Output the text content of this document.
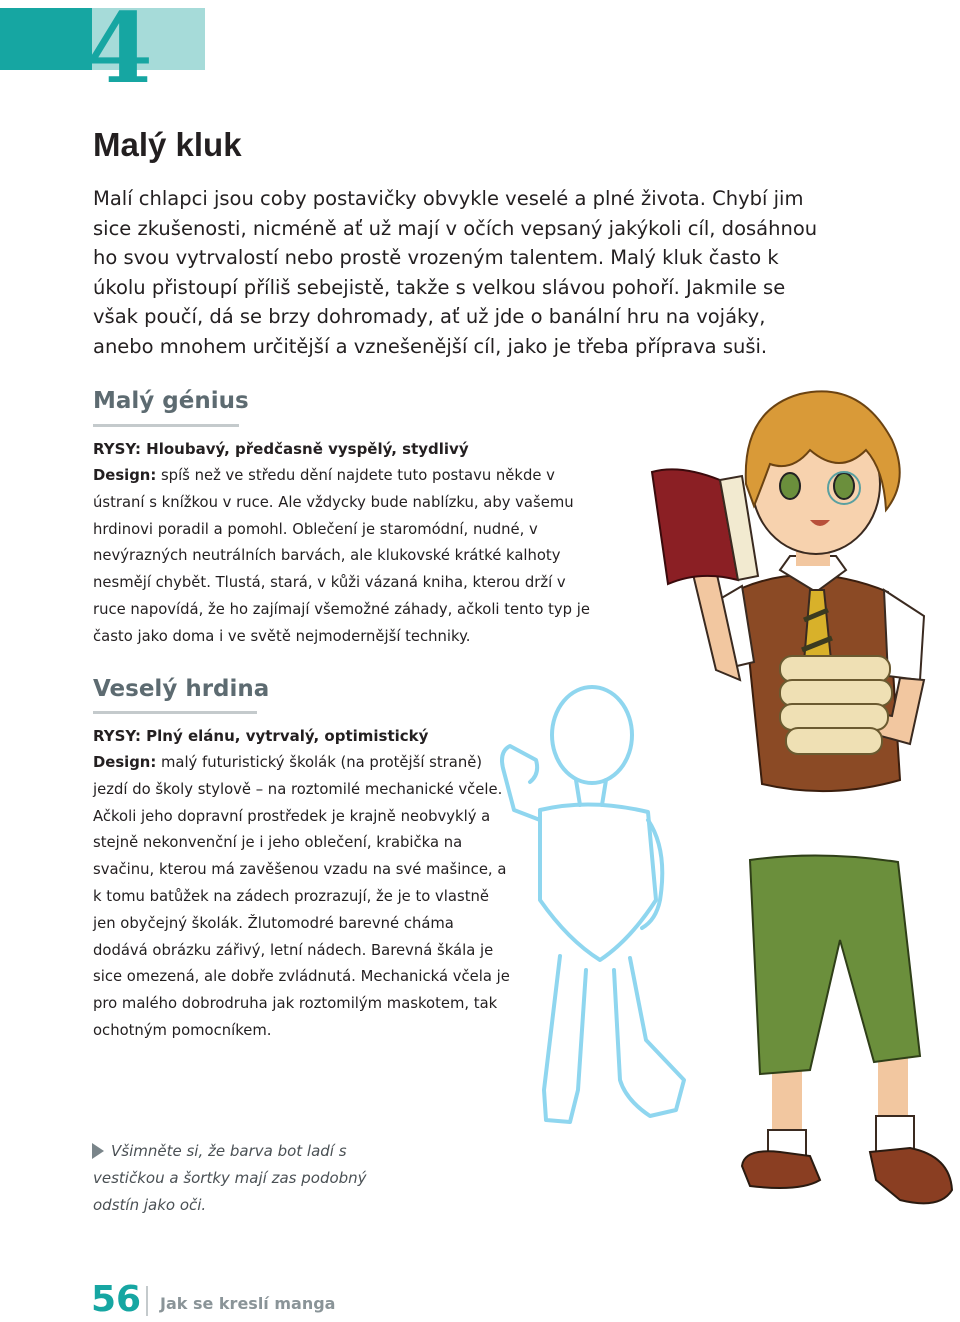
4
Malý kluk

Malí chlapci jsou coby postavičky obvykle veselé a plné života. Chybí jim sice zkušenosti, nicméně ať už mají v očích vepsaný jakýkoli cíl, dosáhnou ho svou vytrvalostí nebo prostě vrozeným talentem. Malý kluk často k úkolu přistoupí příliš sebejistě, takže s velkou slávou pohoří. Jakmile se však poučí, dá se brzy dohromady, ať už jde o banální hru na vojáky, anebo mnohem určitější a vznešenější cíl, jako je třeba příprava suši.

Malý génius

RYSY: Hloubavý, předčasně vyspělý, stydlivý

Design: spíš než ve středu dění najdete tuto postavu někde v ústraní s knížkou v ruce. Ale vždycky bude nablízku, aby vašemu hrdinovi poradil a pomohl. Oblečení je staromódní, nudné, v nevýrazných neutrálních barvách, ale klukovské krátké kalhoty nesmějí chybět. Tlustá, stará, v kůži vázaná kniha, kterou drží v ruce napovídá, že ho zajímají všemožné záhady, ačkoli tento typ je často jako doma i ve světě nejmodernější techniky.

Veselý hrdina

RYSY: Plný elánu, vytrvalý, optimistický

Design: malý futuristický školák (na protější straně) jezdí do školy stylově – na roztomilé mechanické včele. Ačkoli jeho dopravní prostředek je krajně neobvyklý a stejně nekonvenční je i jeho oblečení, krabička na svačinu, kterou má zavěšenou vzadu na své mašince, a k tomu batůžek na zádech prozrazují, že je to vlastně jen obyčejný školák. Žlutomodré barevné cháma dodává obrázku zářivý, letní nádech. Barevná škála je sice omezená, ale dobře zvládnutá. Mechanická včela je pro malého dobrodruha jak roztomilým maskotem, tak ochotným pomocníkem.

Všimněte si, že barva bot ladí s vestičkou a šortky mají zas podobný odstín jako oči.

56 Jak se kreslí manga
